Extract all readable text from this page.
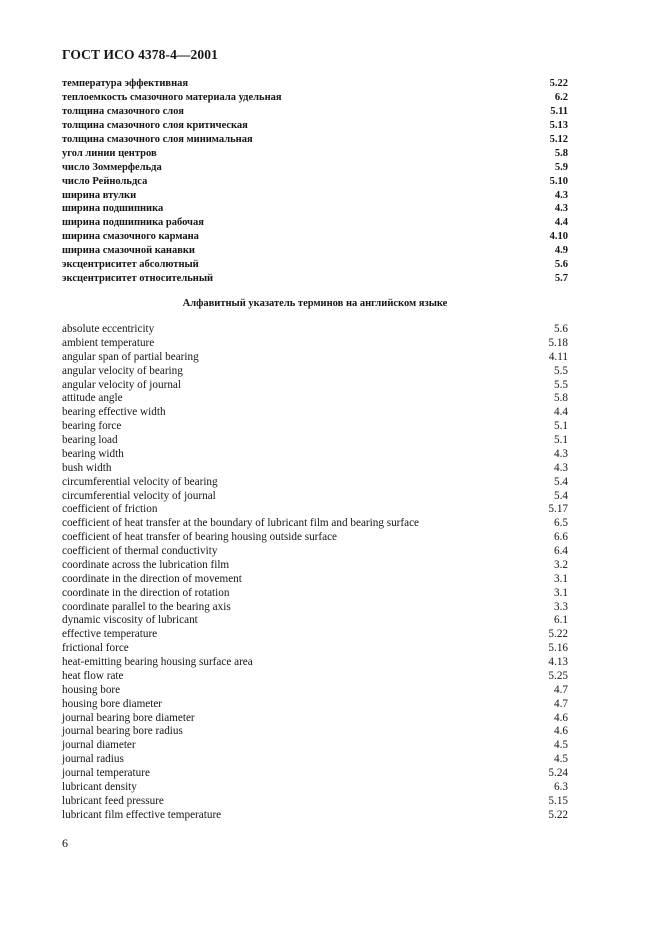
ГОСТ ИСО 4378-4—2001
температура эффективная	5.22
теплоемкость смазочного материала удельная	6.2
толщина смазочного слоя	5.11
толщина смазочного слоя критическая	5.13
толщина смазочного слоя минимальная	5.12
угол линии центров	5.8
число Зоммерфельда	5.9
число Рейнольдса	5.10
ширина втулки	4.3
ширина подшипника	4.3
ширина подшипника рабочая	4.4
ширина смазочного кармана	4.10
ширина смазочной канавки	4.9
эксцентриситет абсолютный	5.6
эксцентриситет относительный	5.7
Алфавитный указатель терминов на английском языке
absolute eccentricity	5.6
ambient temperature	5.18
angular span of partial bearing	4.11
angular velocity of bearing	5.5
angular velocity of journal	5.5
attitude angle	5.8
bearing effective width	4.4
bearing force	5.1
bearing load	5.1
bearing width	4.3
bush width	4.3
circumferential velocity of bearing	5.4
circumferential velocity of journal	5.4
coefficient of friction	5.17
coefficient of heat transfer at the boundary of lubricant film and bearing surface	6.5
coefficient of heat transfer of bearing housing outside surface	6.6
coefficient of thermal conductivity	6.4
coordinate across the lubrication film	3.2
coordinate in the direction of movement	3.1
coordinate in the direction of rotation	3.1
coordinate parallel to the bearing axis	3.3
dynamic viscosity of lubricant	6.1
effective temperature	5.22
frictional force	5.16
heat-emitting bearing housing surface area	4.13
heat flow rate	5.25
housing bore	4.7
housing bore diameter	4.7
journal bearing bore diameter	4.6
journal bearing bore radius	4.6
journal diameter	4.5
journal radius	4.5
journal temperature	5.24
lubricant density	6.3
lubricant feed pressure	5.15
lubricant film effective temperature	5.22
6
